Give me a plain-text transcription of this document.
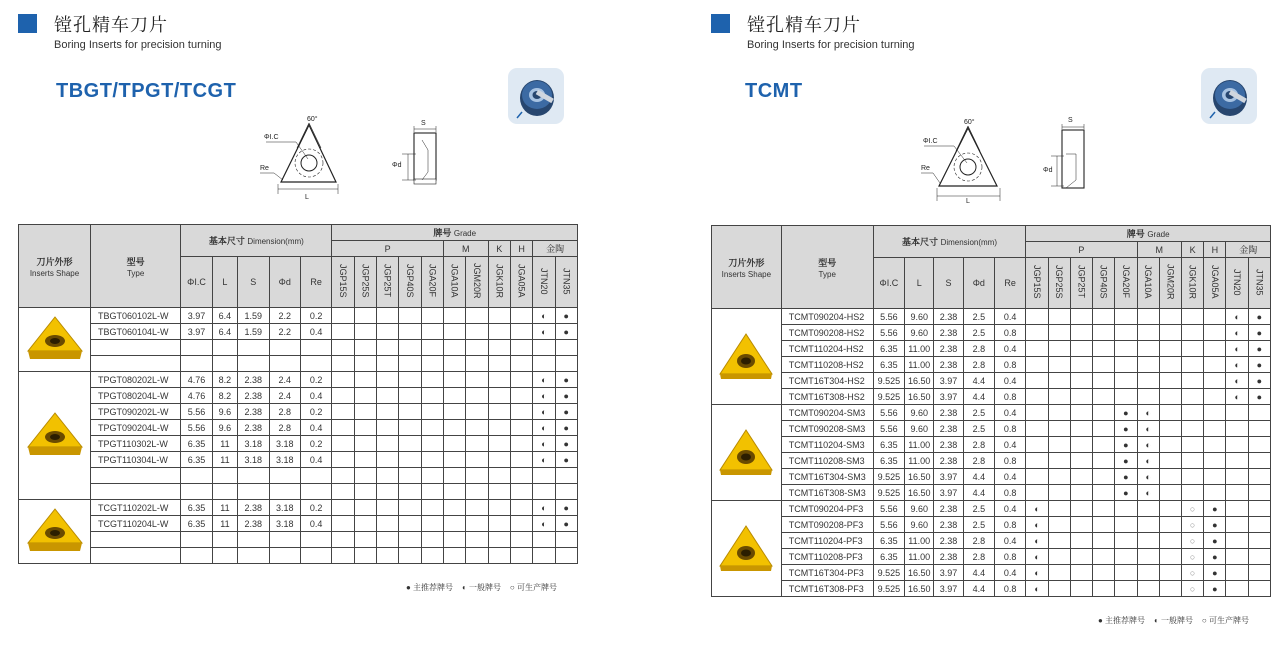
镗孔精车刀片
Boring Inserts for precision turning
TBGT/TPGT/TCGT
60°
ΦI.C
Re
L
S
Φd
刀片外形
Inserts Shape	型号
Type	基本尺寸 Dimension(mm)					牌号 Grade										
							P					M		K	H	金陶	
		ΦI.C	L	S	Φd	Re	JGP15S	JGP25S	JGP25T	JGP40S	JGA20F	JGA10A	JGM20R	JGK10R	JGA05A	JTN20	JTN35
	TBGT060102L-W	3.97	6.4	1.59	2.2	0.2										◐	●
	TBGT060104L-W	3.97	6.4	1.59	2.2	0.4										◐	●

	TPGT080202L-W	4.76	8.2	2.38	2.4	0.2										◐	●
	TPGT080204L-W	4.76	8.2	2.38	2.4	0.4										◐	●
	TPGT090202L-W	5.56	9.6	2.38	2.8	0.2										◐	●
	TPGT090204L-W	5.56	9.6	2.38	2.8	0.4										◐	●
	TPGT110302L-W	6.35	11	3.18	3.18	0.2										◐	●
	TPGT110304L-W	6.35	11	3.18	3.18	0.4										◐	●

	TCGT110202L-W	6.35	11	2.38	3.18	0.2										◐	●
	TCGT110204L-W	6.35	11	2.38	3.18	0.4										◐	●

● 主推荐牌号 ◐ 一般牌号 ○ 可生产牌号
镗孔精车刀片
Boring Inserts for precision turning
TCMT
60°
ΦI.C
Re
L
S
Φd
刀片外形
Inserts Shape	型号
Type	基本尺寸 Dimension(mm)					牌号 Grade										
							P					M		K	H	金陶	
		ΦI.C	L	S	Φd	Re	JGP15S	JGP25S	JGP25T	JGP40S	JGA20F	JGA10A	JGM20R	JGK10R	JGA05A	JTN20	JTN35
	TCMT090204-HS2	5.56	9.60	2.38	2.5	0.4										◐	●
	TCMT090208-HS2	5.56	9.60	2.38	2.5	0.8										◐	●
	TCMT110204-HS2	6.35	11.00	2.38	2.8	0.4										◐	●
	TCMT110208-HS2	6.35	11.00	2.38	2.8	0.8										◐	●
	TCMT16T304-HS2	9.525	16.50	3.97	4.4	0.4										◐	●
	TCMT16T308-HS2	9.525	16.50	3.97	4.4	0.8										◐	●
	TCMT090204-SM3	5.56	9.60	2.38	2.5	0.4					●	◐					
	TCMT090208-SM3	5.56	9.60	2.38	2.5	0.8					●	◐					
	TCMT110204-SM3	6.35	11.00	2.38	2.8	0.4					●	◐					
	TCMT110208-SM3	6.35	11.00	2.38	2.8	0.8					●	◐					
	TCMT16T304-SM3	9.525	16.50	3.97	4.4	0.4					●	◐					
	TCMT16T308-SM3	9.525	16.50	3.97	4.4	0.8					●	◐					
	TCMT090204-PF3	5.56	9.60	2.38	2.5	0.4	◐							○	●		
	TCMT090208-PF3	5.56	9.60	2.38	2.5	0.8	◐							○	●		
	TCMT110204-PF3	6.35	11.00	2.38	2.8	0.4	◐							○	●		
	TCMT110208-PF3	6.35	11.00	2.38	2.8	0.8	◐							○	●		
	TCMT16T304-PF3	9.525	16.50	3.97	4.4	0.4	◐							○	●		
	TCMT16T308-PF3	9.525	16.50	3.97	4.4	0.8	◐							○	●		
● 主推荐牌号 ◐ 一般牌号 ○ 可生产牌号
